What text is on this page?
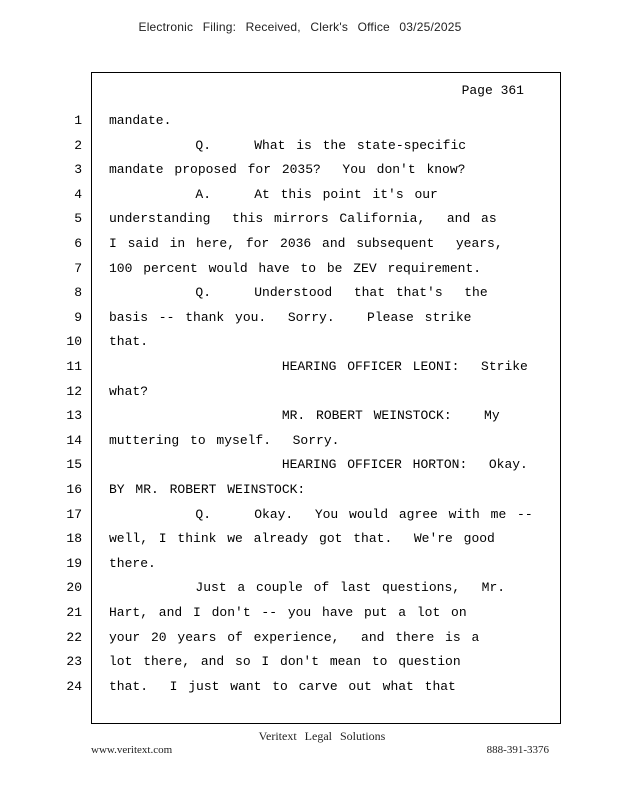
Electronic Filing: Received, Clerk's Office 03/25/2025
Page 361
1 mandate.
2 Q.    What is the state-specific
3 mandate proposed for 2035?  You don't know?
4 A.    At this point it's our
5 understanding  this mirrors California,  and as
6 I said in here, for 2036 and subsequent  years,
7 100 percent would have to be ZEV requirement.
8 Q.    Understood  that that's  the
9 basis -- thank you.  Sorry.   Please strike
10 that.
11 HEARING OFFICER LEONI:  Strike
12 what?
13 MR. ROBERT WEINSTOCK:   My
14 muttering to myself.  Sorry.
15 HEARING OFFICER HORTON:  Okay.
16 BY MR. ROBERT WEINSTOCK:
17 Q.    Okay.  You would agree with me --
18 well, I think we already got that.  We're good
19 there.
20 Just a couple of last questions,  Mr.
21 Hart, and I don't -- you have put a lot on
22 your 20 years of experience,  and there is a
23 lot there, and so I don't mean to question
24 that.  I just want to carve out what that
Veritext Legal Solutions
www.veritext.com	888-391-3376
